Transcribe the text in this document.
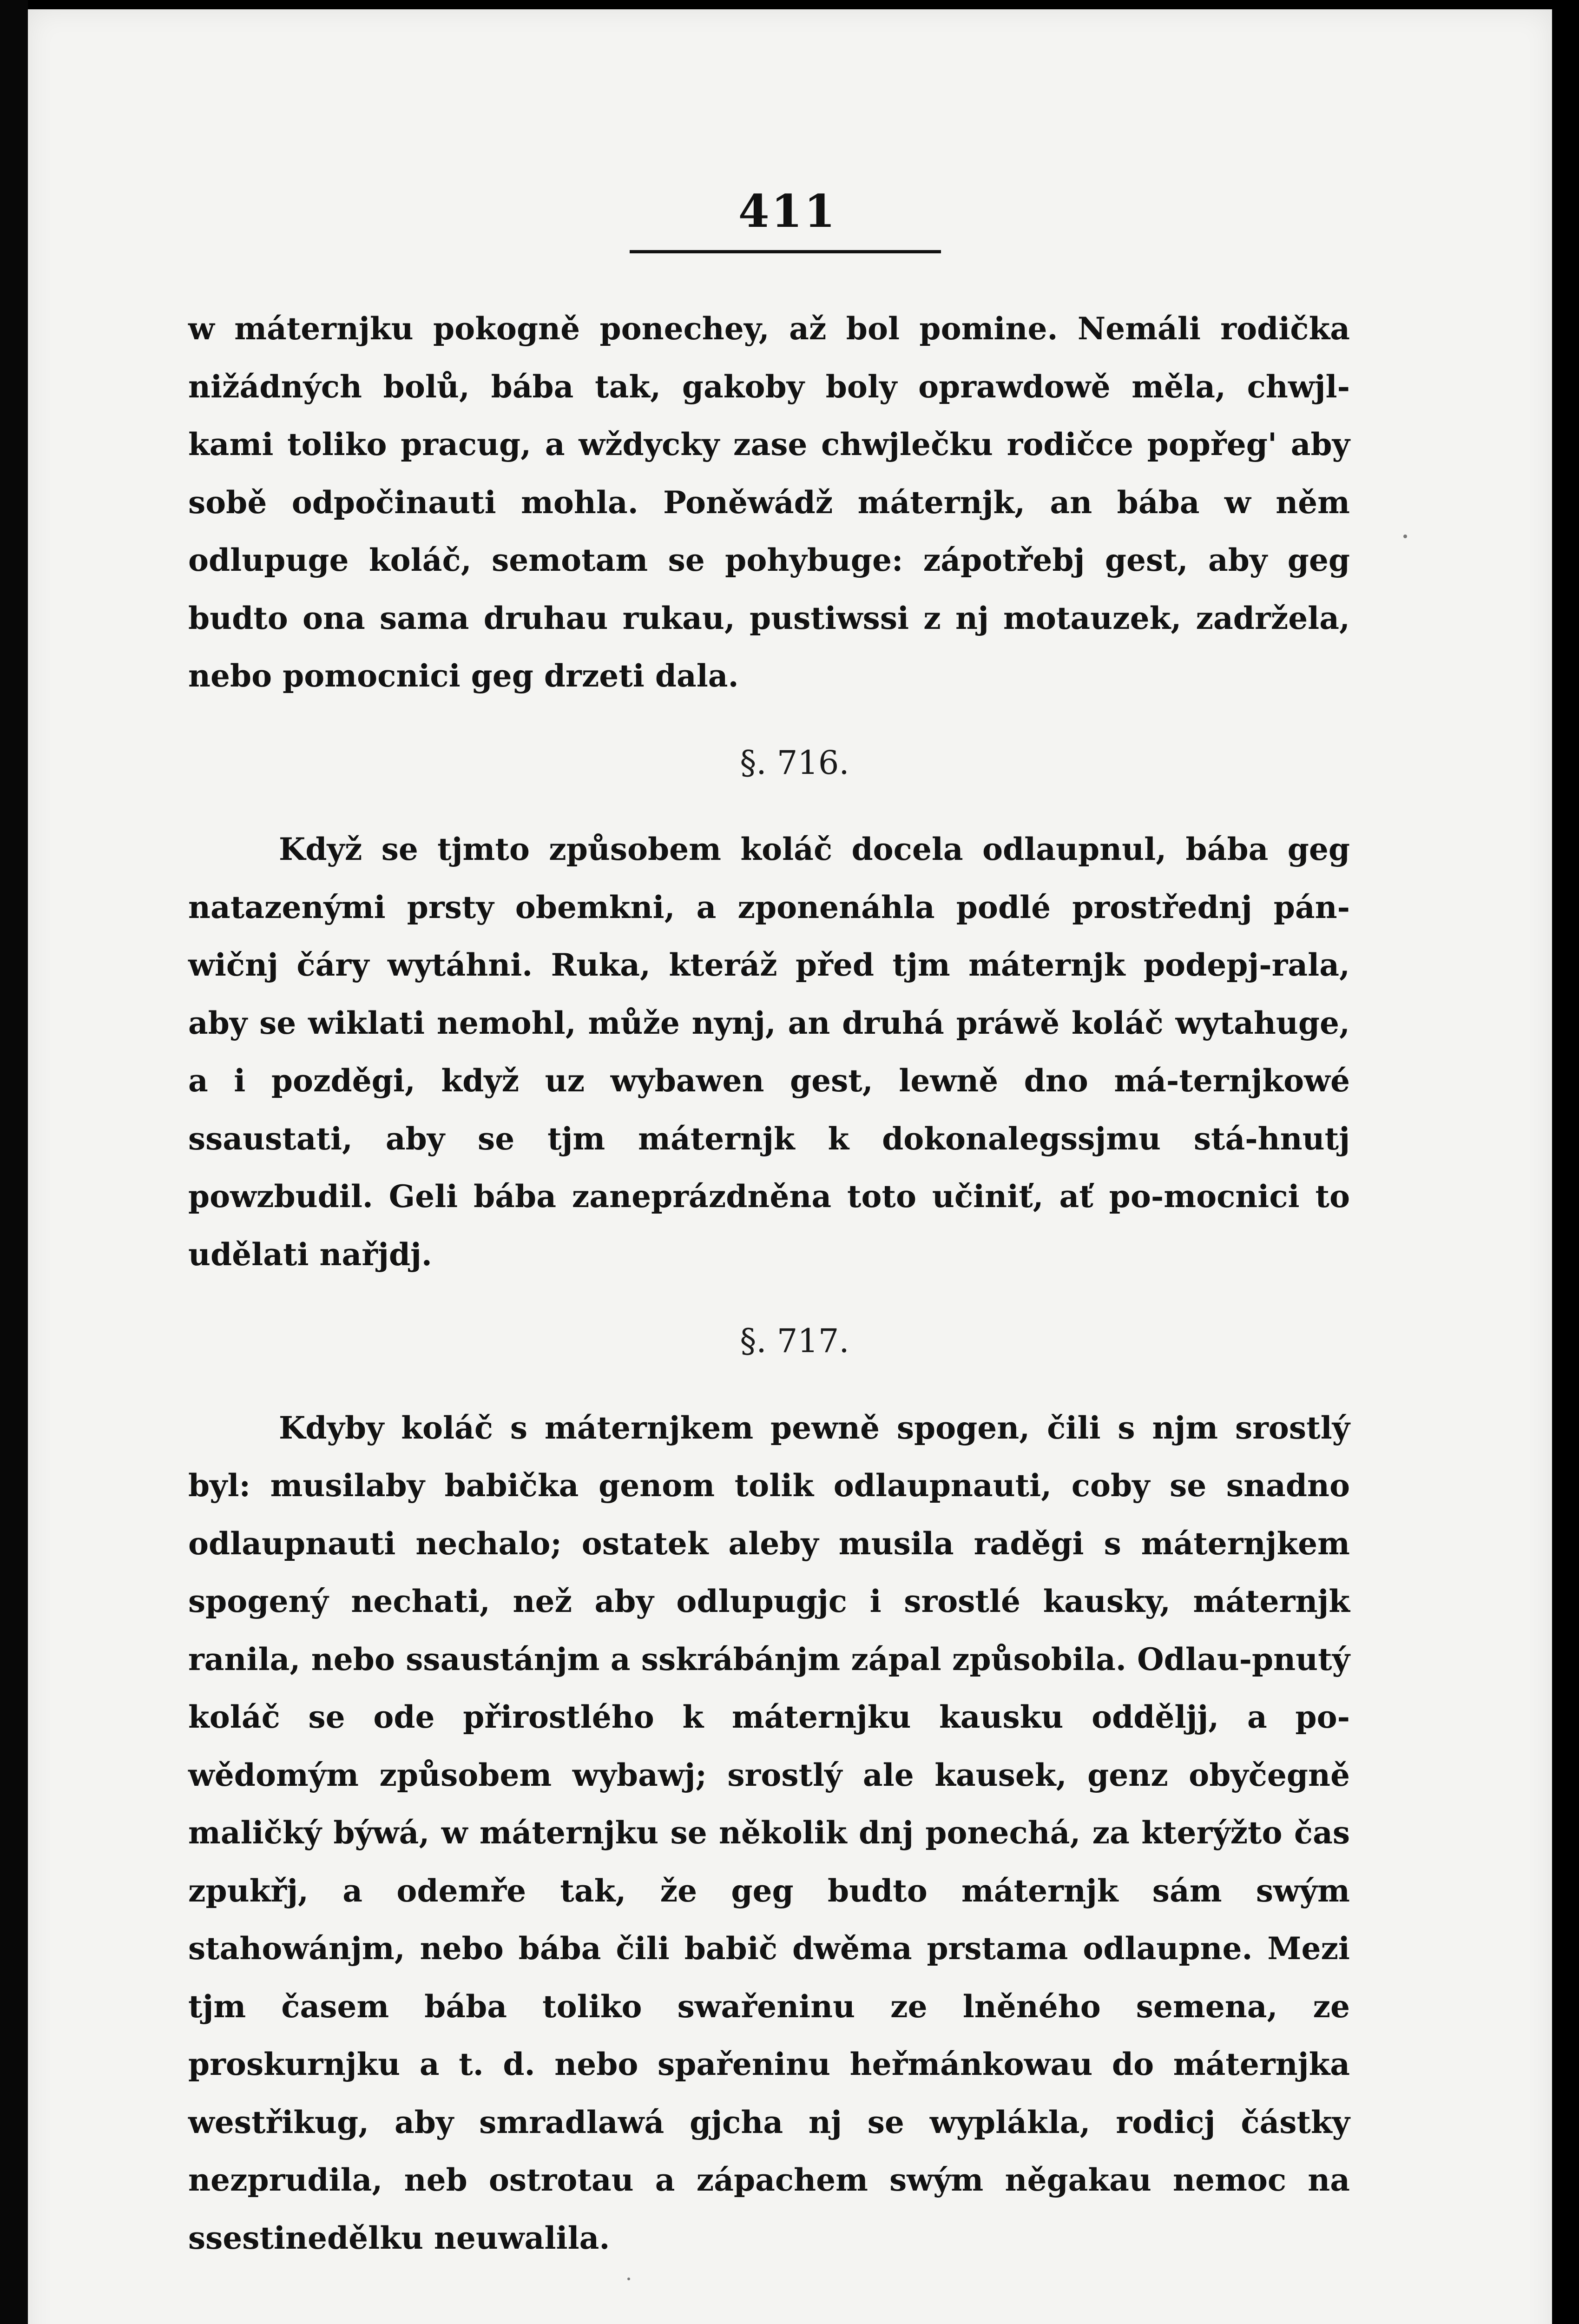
411

w máternjku pokogně ponechey, až bol pomine. Nemáli rodička nižádných bolů, bába tak, gakoby boly oprawdowě měla, chwjl-kami toliko pracug, a wždycky zase chwjlečku rodičce popřeg' aby sobě odpočinauti mohla. Poněwádž máternjk, an bába w něm odlupuge koláč, semotam se pohybuge: zápotřebj gest, aby geg budto ona sama druhau rukau, pustiwssi z nj motauzek, zadrželа, nebo pomocnici geg drzeti dala.

§. 716.

Když se tjmto způsobem koláč docela odlaupnul, bába geg natazenými prsty obemkni, a zponenáhla podlé prostřednj pán-wičnj čáry wytáhni. Ruka, kteráž před tjm máternjk podepj-rala, aby se wiklati nemohl, může nynj, an druhá práwě koláč wytahuge, a i pozděgi, když uz wybawen gest, lewně dno má-ternjkowé ssaustati, aby se tjm máternjk k dokonalegssjmu stá-hnutj powzbudil. Geli bába zaneprázdněna toto učiniť, ať po-mocnici to udělati nařjdj.

§. 717.

Kdyby koláč s máternjkem pewně spogen, čili s njm srostlý byl: musilaby babička genom tolik odlaupnauti, coby se snadno odlaupnauti nechalo; ostatek aleby musila raděgi s máternjkem spogený nechati, než aby odlupugjc i srostlé kausky, máternjk ranila, nebo ssaustánjm a sskrábánjm zápal způsobila. Odlau-pnutý koláč se ode přirostlého k máternjku kausku odděljj, a po-wědomým způsobem wybawj; srostlý ale kausek, genz obyčegně maličký býwá, w máternjku se několik dnj ponechá, za kterýžto čas zpukřj, a odemře tak, že geg budto máternjk sám swým stahowánjm, nebo bába čili babič dwěma prstama odlaupne. Mezi tjm časem bába toliko swařeninu ze lněného semena, ze proskurnjku a t. d. nebo spařeninu heřmánkowau do máternjka westřikug, aby smradlawá gjcha nj se wypláklа, rodicj částky nezprudila, neb ostrotau a zápachem swým něgakau nemoc na ssestinedělku neuwalila.
